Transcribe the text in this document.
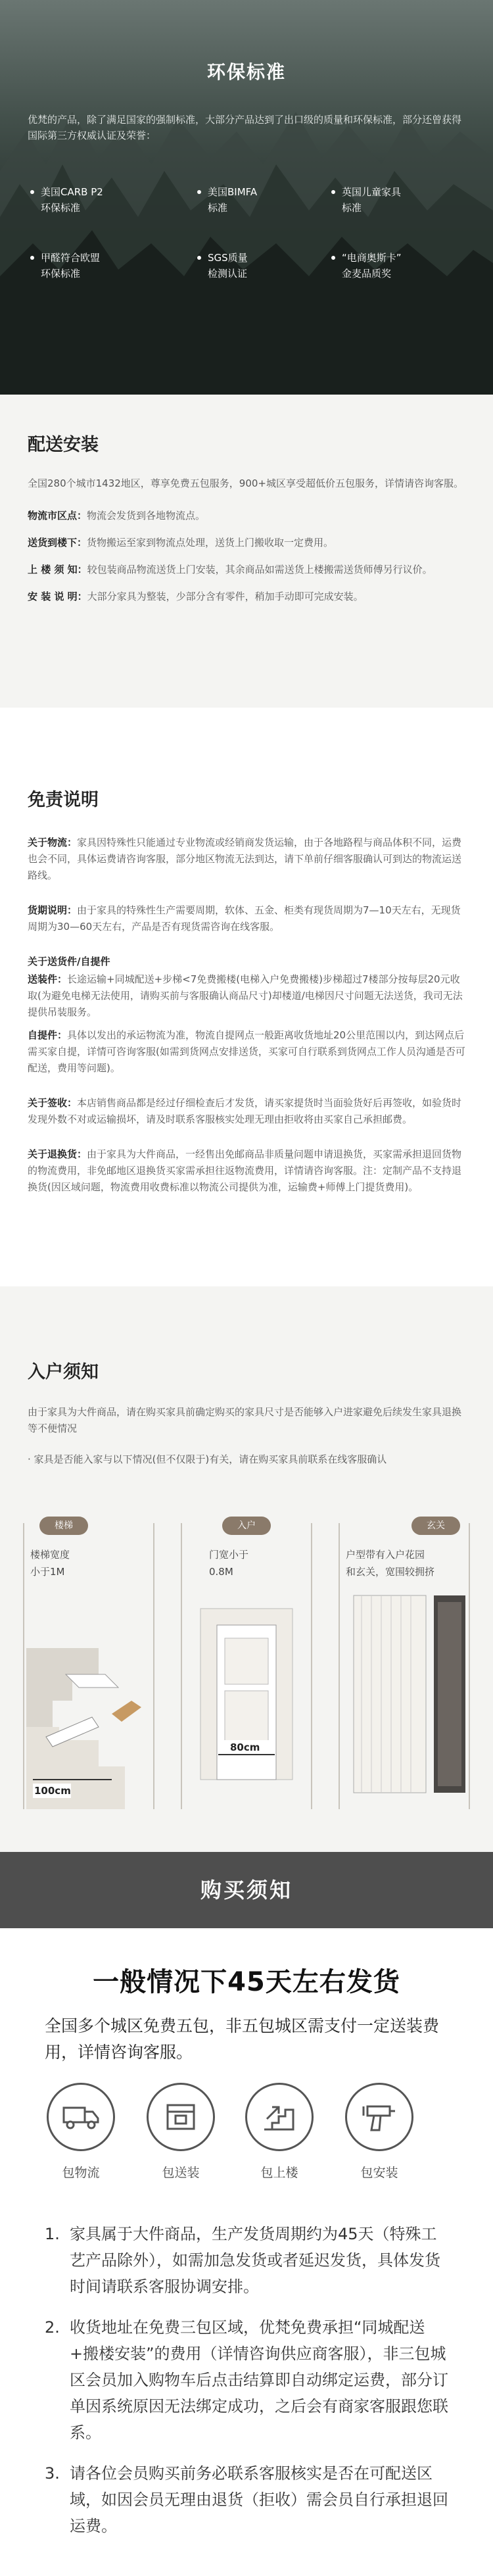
环保标准

优梵的产品，除了满足国家的强制标准，大部分产品达到了出口级的质量和环保标准，部分还曾获得国际第三方权威认证及荣誉：

美国CARB P2
环保标准
美国BIMFA
标准
英国儿童家具
标准
甲醛符合欧盟
环保标准
SGS质量
检测认证
“电商奥斯卡”
金麦品质奖
配送安装

全国280个城市1432地区，尊享免费五包服务，900+城区享受超低价五包服务，详情请咨询客服。

物流市区点：物流会发货到各地物流点。

送货到楼下：货物搬运至家到物流点处理，送货上门搬收取一定费用。

上 楼 须 知：较包装商品物流送货上门安装，其余商品如需送货上楼搬需送货师傅另行议价。

安 装 说 明：大部分家具为整装，少部分含有零件，稍加手动即可完成安装。

免责说明

关于物流：家具因特殊性只能通过专业物流或经销商发货运输，由于各地路程与商品体积不同，运费也会不同，具体运费请咨询客服，部分地区物流无法到达，请下单前仔细客服确认可到达的物流运送路线。

货期说明：由于家具的特殊性生产需要周期，软体、五金、柜类有现货周期为7—10天左右，无现货周期为30—60天左右，产品是否有现货需咨询在线客服。

关于送货件/自提件

送装件：长途运输+同城配送+步梯<7免费搬楼(电梯入户免费搬楼)步梯超过7楼部分按每层20元收取(为避免电梯无法使用，请购买前与客服确认商品尺寸)却楼道/电梯因尺寸问题无法送货，我司无法提供吊装服务。

自提件：具体以发出的承运物流为准，物流自提网点一般距离收货地址20公里范围以内，到达网点后需买家自提，详情可咨询客服(如需到货网点安排送货，买家可自行联系到货网点工作人员沟通是否可配送，费用等问题)。

关于签收：本店销售商品都是经过仔细检查后才发货，请买家提货时当面验货好后再签收，如验货时发现外数不对或运输损坏，请及时联系客服核实处理无理由拒收将由买家自己承担邮费。

关于退换货：由于家具为大件商品，一经售出免邮商品非质量问题申请退换货，买家需承担退回货物的物流费用，非免邮地区退换货买家需承担往返物流费用，详情请咨询客服。注：定制产品不支持退换货(因区域问题，物流费用收费标准以物流公司提供为准，运输费+师傅上门提货费用)。

入户须知

由于家具为大件商品，请在购买家具前确定购买的家具尺寸是否能够入户进家避免后续发生家具退换等不便情况

· 家具是否能入家与以下情况(但不仅限于)有关，请在购买家具前联系在线客服确认

楼梯
楼梯宽度
小于1M
100cm
入户
门宽小于
0.8M
80cm
玄关
户型带有入户花园
和玄关，宽围较拥挤
购买须知
一般情况下45天左右发货

全国多个城区免费五包，非五包城区需支付一定送装费用，详情咨询客服。

包物流	包送装	包上楼	包安装
1. 家具属于大件商品，生产发货周期约为45天（特殊工艺产品除外），如需加急发货或者延迟发货，具体发货时间请联系客服协调安排。
2. 收货地址在免费三包区域，优梵免费承担“同城配送+搬楼安装”的费用（详情咨询供应商客服），非三包城区会员加入购物车后点击结算即自动绑定运费，部分订单因系统原因无法绑定成功，之后会有商家客服跟您联系。
3. 请各位会员购买前务必联系客服核实是否在可配送区域，如因会员无理由退货（拒收）需会员自行承担退回运费。
